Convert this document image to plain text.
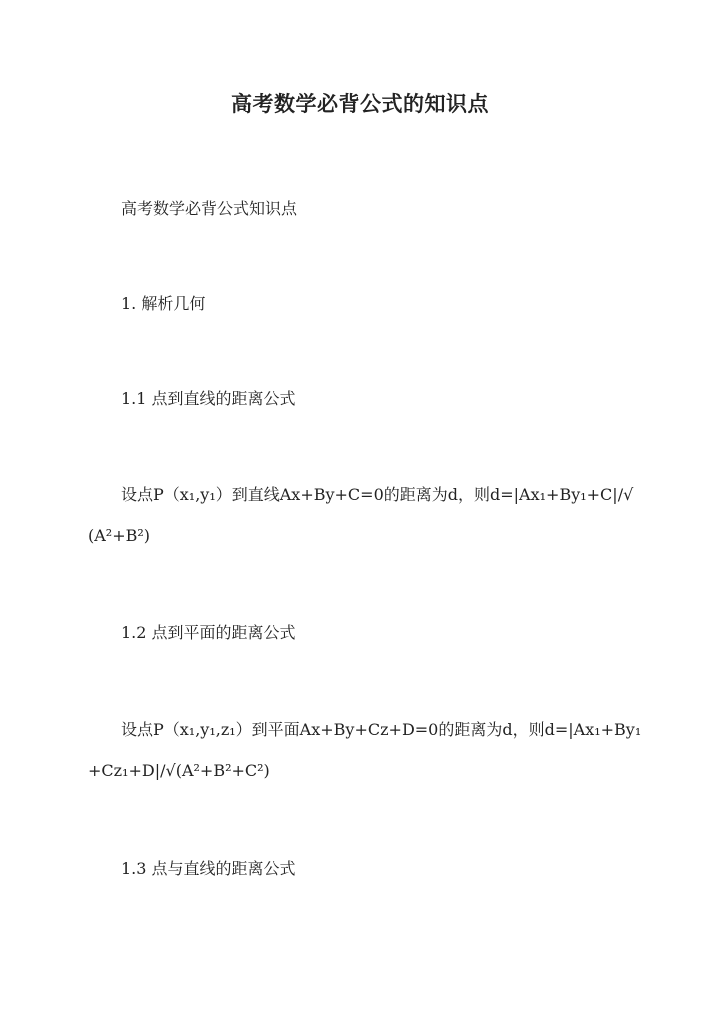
高考数学必背公式的知识点
高考数学必背公式知识点
1. 解析几何
1.1 点到直线的距离公式
设点P（x₁,y₁）到直线Ax+By+C=0的距离为d，则d=|Ax₁+By₁+C|/√(A²+B²)
1.2 点到平面的距离公式
设点P（x₁,y₁,z₁）到平面Ax+By+Cz+D=0的距离为d，则d=|Ax₁+By₁+Cz₁+D|/√(A²+B²+C²)
1.3 点与直线的距离公式
